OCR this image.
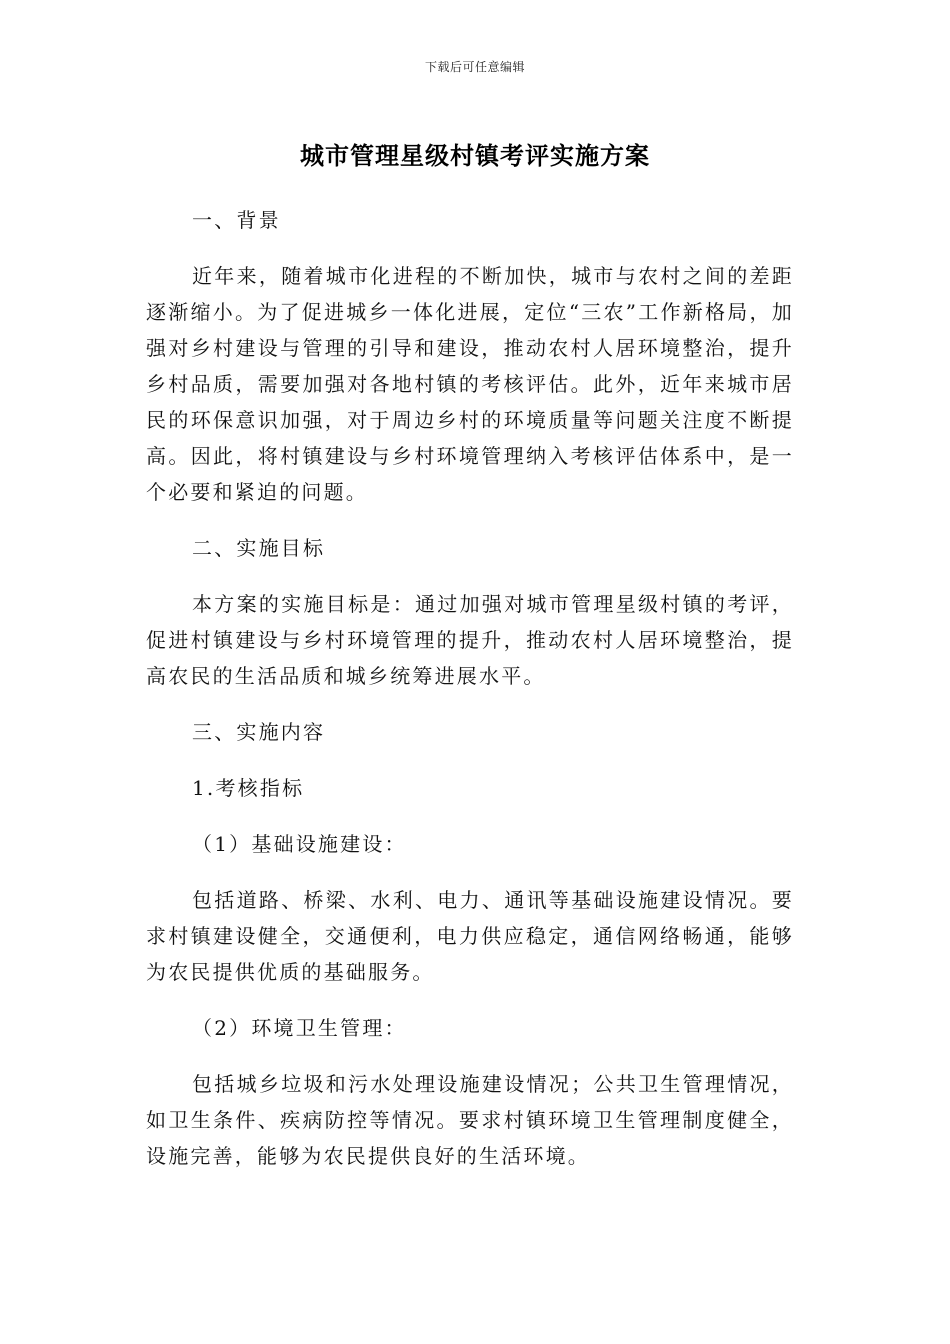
下载后可任意编辑
城市管理星级村镇考评实施方案

一、背景

近年来，随着城市化进程的不断加快，城市与农村之间的差距逐渐缩小。为了促进城乡一体化进展，定位“三农”工作新格局，加强对乡村建设与管理的引导和建设，推动农村人居环境整治，提升乡村品质，需要加强对各地村镇的考核评估。此外，近年来城市居民的环保意识加强，对于周边乡村的环境质量等问题关注度不断提高。因此，将村镇建设与乡村环境管理纳入考核评估体系中，是一个必要和紧迫的问题。

二、实施目标

本方案的实施目标是：通过加强对城市管理星级村镇的考评，促进村镇建设与乡村环境管理的提升，推动农村人居环境整治，提高农民的生活品质和城乡统筹进展水平。

三、实施内容

1.考核指标

（1）基础设施建设：

包括道路、桥梁、水利、电力、通讯等基础设施建设情况。要求村镇建设健全，交通便利，电力供应稳定，通信网络畅通，能够为农民提供优质的基础服务。

（2）环境卫生管理：

包括城乡垃圾和污水处理设施建设情况；公共卫生管理情况，如卫生条件、疾病防控等情况。要求村镇环境卫生管理制度健全，设施完善，能够为农民提供良好的生活环境。
